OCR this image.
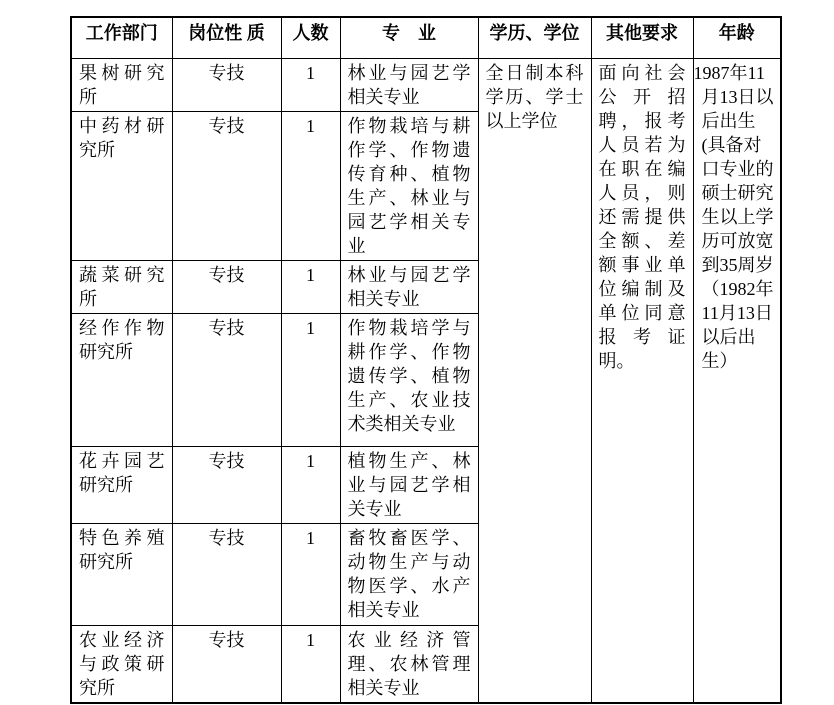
工作部门	岗位性 质	人数	专　业	学历、学位	其他要求	年龄
果树研究所	专技	1	林业与园艺学相关专业	全日制本科学历、学士以上学位	面向社会公开招聘，报考人员若为在职在编人员，则还需提供全额、差额事业单位编制及单位同意报考证明。	1987年11月13日以后出生(具备对口专业的硕士研究生以上学历可放宽到35周岁（1982年11月13日以后出生）
中药材研究所	专技	1	作物栽培与耕作学、作物遗传育种、植物生产、林业与园艺学相关专业			
蔬菜研究所	专技	1	林业与园艺学相关专业			
经作作物研究所	专技	1	作物栽培学与耕作学、作物遗传学、植物生产、农业技术类相关专业			
花卉园艺研究所	专技	1	植物生产、林业与园艺学相关专业			
特色养殖研究所	专技	1	畜牧畜医学、动物生产与动物医学、水产相关专业			
农业经济与政策研究所	专技	1	农业经济管理、农林管理相关专业			
